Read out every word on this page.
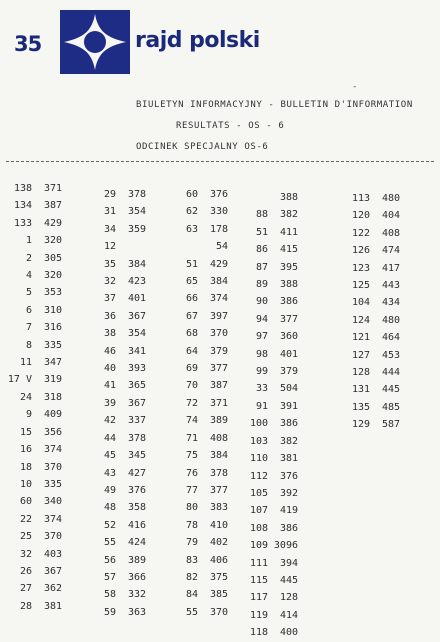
35	rajd polski
-
BIULETYN INFORMACYJNY - BULLETIN D'INFORMATION
RESULTATS - OS - 6
ODCINEK SPECJALNY OS-6
138	371
134	387
133	429
1	320
2	305
4	320
5	353
6	310
7	316
8	335
11	347
17 V	319
24	318
9	409
15	356
16	374
18	370
10	335
60	340
22	374
25	370
32	403
26	367
27	362
28	381
29	378
31	354
34	359
12
35	384
32	423
37	401
36	367
38	354
46	341
40	393
41	365
39	367
42	337
44	378
45	345
43	427
49	376
48	358
52	416
55	424
56	389
57	366
58	332
59	363
60	376
62	330
63	178
54
51	429
65	384
66	374
67	397
68	370
64	379
69	377
70	387
72	371
74	389
71	408
75	384
76	378
77	377
80	383
78	410
79	402
83	406
82	375
84	385
55	370
388
88	382
51	411
86	415
87	395
89	388
90	386
94	377
97	360
98	401
99	379
33	504
91	391
100	386
103	382
110	381
112	376
105	392
107	419
108	386
109 3096
111	394
115	445
117	128
119	414
118	400
113	480
120	404
122	408
126	474
123	417
125	443
104	434
124	480
121	464
127	453
128	444
131	445
135	485
129	587
